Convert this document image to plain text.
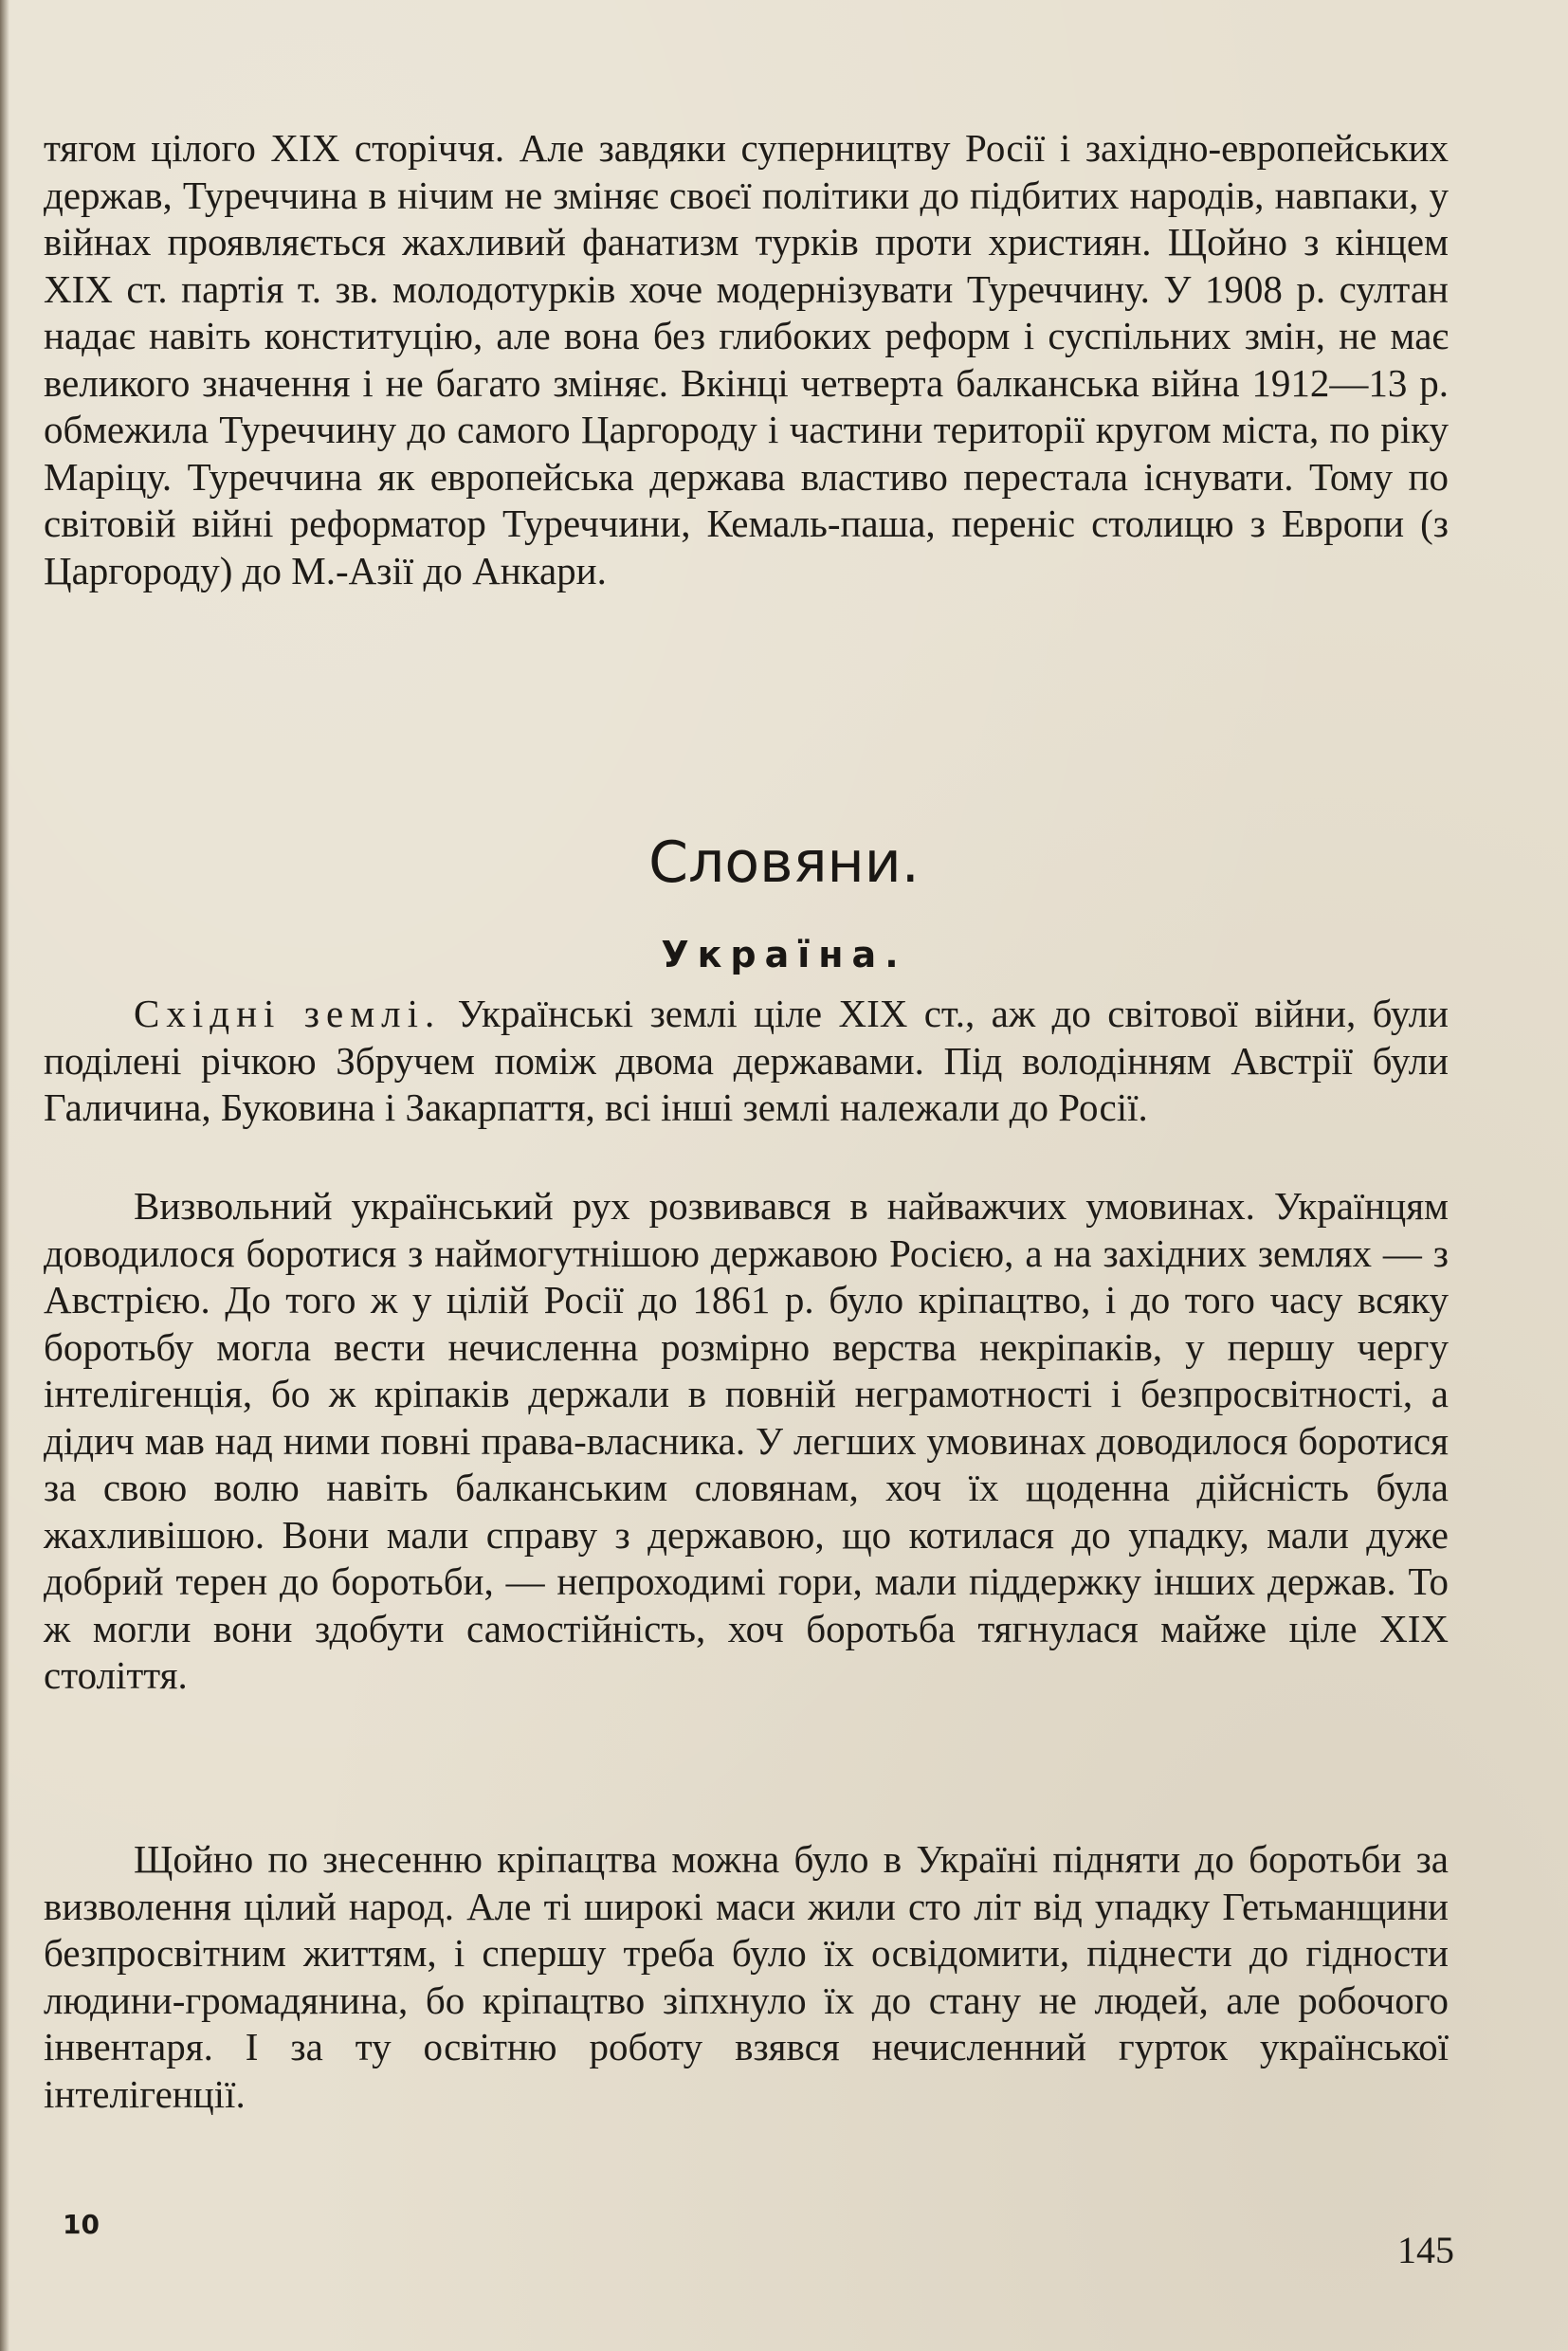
тягом цілого XIX сторіччя. Але завдяки суперництву Росії і західно-европейських держав, Туреччина в нічим не зміняє своєї політики до підбитих народів, навпаки, у війнах проявляється жахливий фанатизм турків проти християн. Щойно з кінцем XIX ст. партія т. зв. молодотурків хоче модернізувати Туреччину. У 1908 р. султан надає навіть конституцію, але вона без глибоких реформ і суспільних змін, не має великого значення і не багато зміняє. Вкінці четверта балканська війна 1912—13 р. обмежила Туреччину до самого Царгороду і частини території кругом міста, по ріку Маріцу. Туреччина як европейська держава властиво перестала існувати. Тому по світовій війні реформатор Туреччини, Кемаль-паша, переніс столицю з Европи (з Царгороду) до М.-Азії до Анкари.

Словяни.
Україна.

Східні землі. Українські землі ціле XIX ст., аж до світової війни, були поділені річкою Збручем поміж двома державами. Під володінням Австрії були Галичина, Буковина і Закарпаття, всі інші землі належали до Росії.

Визвольний український рух розвивався в найважчих умовинах. Українцям доводилося боротися з наймогутнішою державою Росією, а на західних землях — з Австрією. До того ж у цілій Росії до 1861 р. було кріпацтво, і до того часу всяку боротьбу могла вести нечисленна розмірно верства некріпаків, у першу чергу інтелігенція, бо ж кріпаків держали в повній неграмотності і безпросвітності, а дідич мав над ними повні права-власника. У легших умовинах доводилося боротися за свою волю навіть балканським словянам, хоч їх щоденна дійсність була жахливішою. Вони мали справу з державою, що котилася до упадку, мали дуже добрий терен до боротьби, — непроходимі гори, мали піддержку інших держав. То ж могли вони здобути самостійність, хоч боротьба тягнулася майже ціле XIX століття.

Щойно по знесенню кріпацтва можна було в Україні підняти до боротьби за визволення цілий народ. Але ті широкі маси жили сто літ від упадку Гетьманщини безпросвітним життям, і спершу треба було їх освідомити, піднести до гідности людини-громадянина, бо кріпацтво зіпхнуло їх до стану не людей, але робочого інвентаря. І за ту освітню роботу взявся нечисленний гурток української інтелігенції.

10
145
